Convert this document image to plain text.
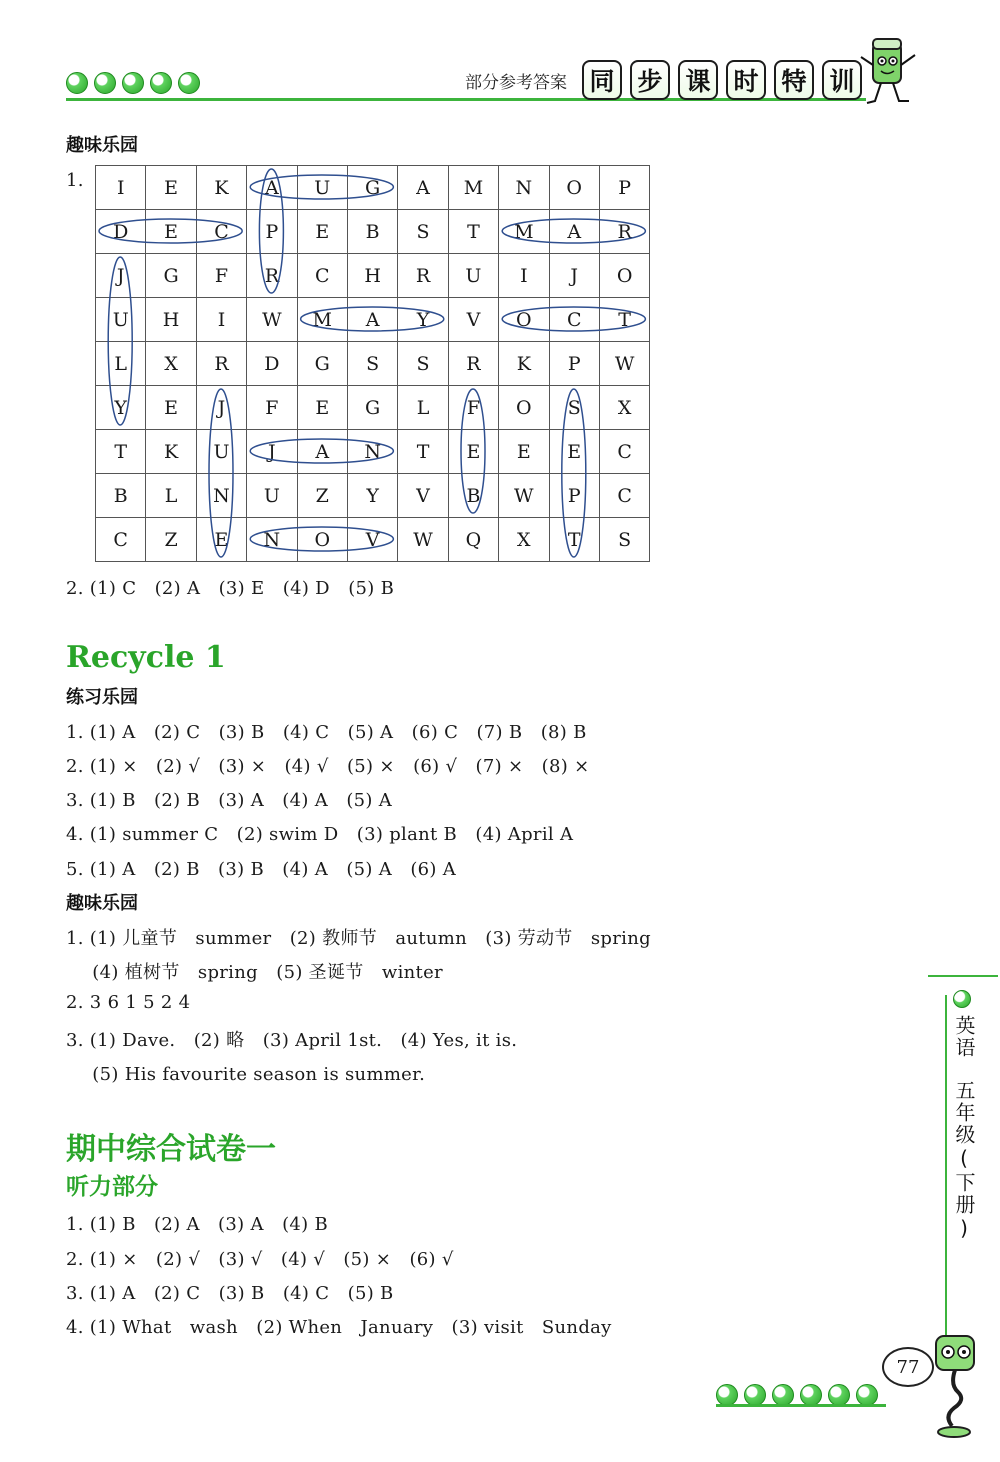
部分参考答案 同 步 课 时 特 训
趣味乐园
1. I	E	K	A	U	G	A	M	N	O	P
D	E	C	P	E	B	S	T	M	A	R
J	G	F	R	C	H	R	U	I	J	O
U	H	I	W	M	A	Y	V	O	C	T
L	X	R	D	G	S	S	R	K	P	W
Y	E	J	F	E	G	L	F	O	S	X
T	K	U	J	A	N	T	E	E	E	C
B	L	N	U	Z	Y	V	B	W	P	C
C	Z	E	N	O	V	W	Q	X	T	S
2. (1) C　(2) A　(3) E　(4) D　(5) B
Recycle 1
练习乐园
1. (1) A　(2) C　(3) B　(4) C　(5) A　(6) C　(7) B　(8) B
2. (1) ×　(2) √　(3) ×　(4) √　(5) ×　(6) √　(7) ×　(8) ×
3. (1) B　(2) B　(3) A　(4) A　(5) A
4. (1) summer C　(2) swim D　(3) plant B　(4) April A
5. (1) A　(2) B　(3) B　(4) A　(5) A　(6) A
趣味乐园
1. (1) 儿童节　summer　(2) 教师节　autumn　(3) 劳动节　spring
　(4) 植树节　spring　(5) 圣诞节　winter
2. 3 6 1 5 2 4
3. (1) Dave.　(2) 略　(3) April 1st.　(4) Yes, it is.
　(5) His favourite season is summer.
期中综合试卷一
听力部分
1. (1) B　(2) A　(3) A　(4) B
2. (1) ×　(2) √　(3) √　(4) √　(5) ×　(6) √
3. (1) A　(2) C　(3) B　(4) C　(5) B
4. (1) What　wash　(2) When　January　(3) visit　Sunday
英语
五年级(下册)
77
